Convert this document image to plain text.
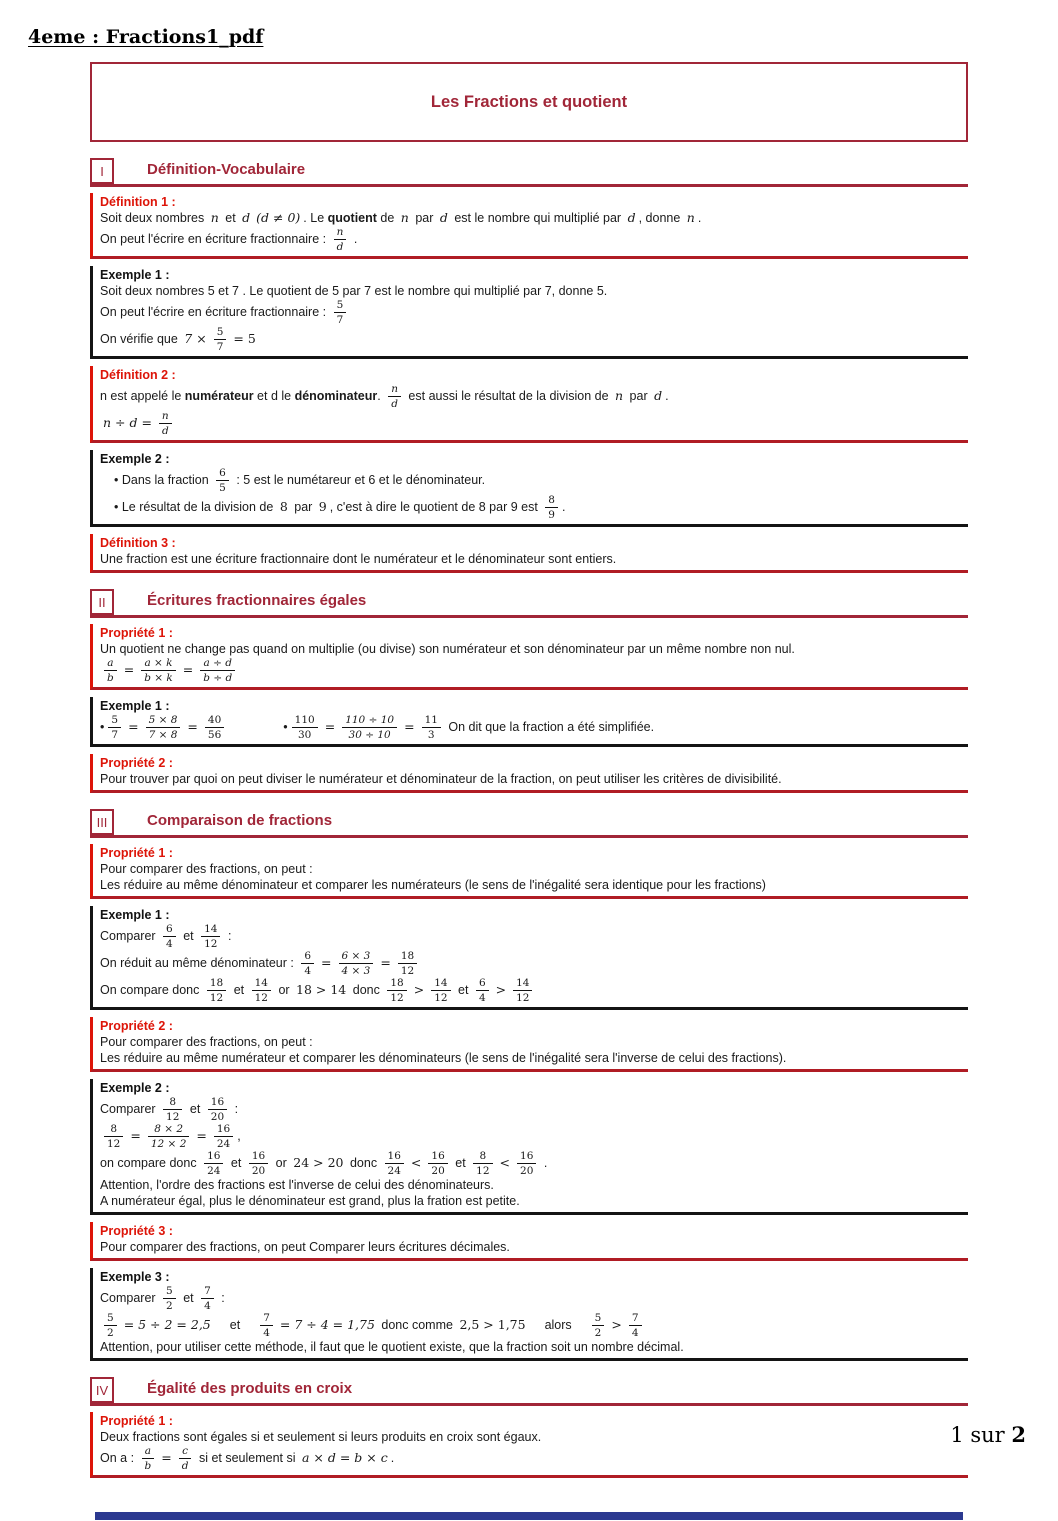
4eme : Fractions1_pdf
Les Fractions et quotient
I	Définition-Vocabulaire
Définition 1 :
Soit deux nombres n et d (d ≠ 0) . Le quotient de n par d est le nombre qui multiplié par d , donne n .
On peut l'écrire en écriture fractionnaire : $\frac{n}{d}$ .
Exemple 1 :
Soit deux nombres 5 et 7 . Le quotient de 5 par 7 est le nombre qui multiplié par 7, donne 5.
On peut l'écrire en écriture fractionnaire : $\frac{5}{7}$
On vérifie que $7 \times \frac{5}{7} = 5$
Définition 2 :
n est appelé le numérateur et d le dénominateur. $\frac{n}{d}$ est aussi le résultat de la division de n par d .
$n \div d = \frac{n}{d}$
Exemple 2 :
• Dans la fraction $\frac{6}{5}$ : 5 est le numétareur et 6 et le dénominateur.
• Le résultat de la division de 8 par 9 , c'est à dire le quotient de 8 par 9 est $\frac{8}{9}$ .
Définition 3 :
Une fraction est une écriture fractionnaire dont le numérateur et le dénominateur sont entiers.
II	Écritures fractionnaires égales
Propriété 1 :
Un quotient ne change pas quand on multiplie (ou divise) son numérateur et son dénominateur par un même nombre non nul.
$\frac{a}{b} = \frac{a \times k}{b \times k} = \frac{a \div d}{b \div d}$
Exemple 1 :
• $\frac{5}{7} = \frac{5 \times 8}{7 \times 8} = \frac{40}{56}$	• $\frac{110}{30} = \frac{110 \div 10}{30 \div 10} = \frac{11}{3}$ On dit que la fraction a été simplifiée.
Propriété 2 :
Pour trouver par quoi on peut diviser le numérateur et dénominateur de la fraction, on peut utiliser les critères de divisibilité.
III	Comparaison de fractions
Propriété 1 :
Pour comparer des fractions, on peut :
Les réduire au même dénominateur et comparer les numérateurs (le sens de l'inégalité sera identique pour les fractions)
Exemple 1 :
Comparer $\frac{6}{4}$ et $\frac{14}{12}$ :
On réduit au même dénominateur : $\frac{6}{4} = \frac{6 \times 3}{4 \times 3} = \frac{18}{12}$
On compare donc $\frac{18}{12}$ et $\frac{14}{12}$ or 18 > 14 donc $\frac{18}{12} > \frac{14}{12}$ et $\frac{6}{4} > \frac{14}{12}$
Propriété 2 :
Pour comparer des fractions, on peut :
Les réduire au même numérateur et comparer les dénominateurs (le sens de l'inégalité sera l'inverse de celui des fractions).
Exemple 2 :
Comparer $\frac{8}{12}$ et $\frac{16}{20}$ :
$\frac{8}{12} = \frac{8 \times 2}{12 \times 2} = \frac{16}{24}$ ,
on compare donc $\frac{16}{24}$ et $\frac{16}{20}$ or 24 > 20 donc $\frac{16}{24} < \frac{16}{20}$ et $\frac{8}{12} < \frac{16}{20}$ .
Attention, l'ordre des fractions est l'inverse de celui des dénominateurs.
A numérateur égal, plus le dénominateur est grand, plus la fration est petite.
Propriété 3 :
Pour comparer des fractions, on peut Comparer leurs écritures décimales.
Exemple 3 :
Comparer $\frac{5}{2}$ et $\frac{7}{4}$ :
$\frac{5}{2} = 5 \div 2 = 2,5$ et $\frac{7}{4} = 7 \div 4 = 1,75$ donc comme 2,5 > 1,75 alors $\frac{5}{2} > \frac{7}{4}$
Attention, pour utiliser cette méthode, il faut que le quotient existe, que la fraction soit un nombre décimal.
IV	Égalité des produits en croix
Propriété 1 :
Deux fractions sont égales si et seulement si leurs produits en croix sont égaux.
On a : $\frac{a}{b} = \frac{c}{d}$ si et seulement si a × d = b × c .
1 sur 2
